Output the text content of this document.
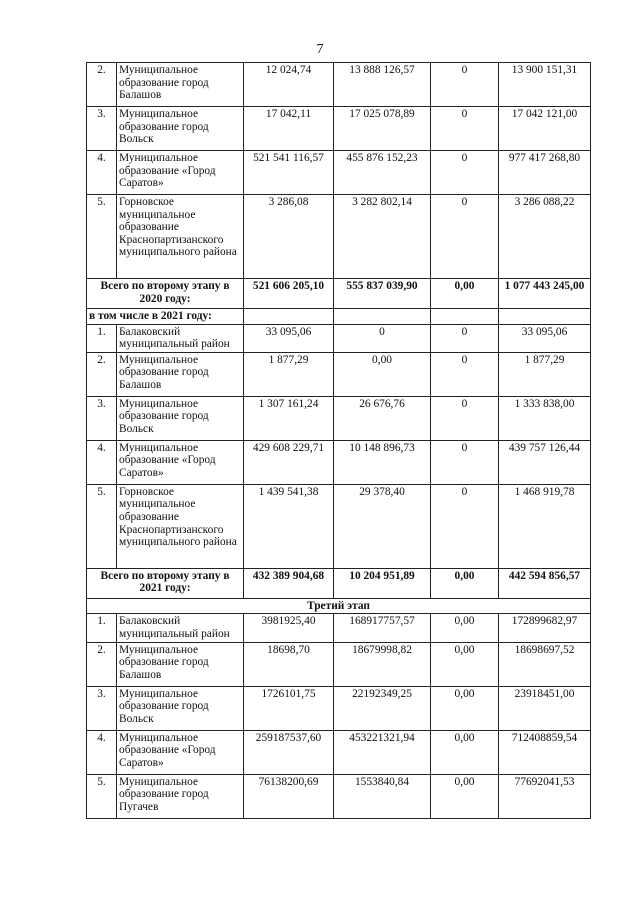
7
2.	Муниципальное образование город Балашов	12 024,74	13 888 126,57	0	13 900 151,31
3.	Муниципальное образование город Вольск	17 042,11	17 025 078,89	0	17 042 121,00
4.	Муниципальное образование «Город Саратов»	521 541 116,57	455 876 152,23	0	977 417 268,80
5.	Горновское муниципальное образование Краснопартизанского муниципального района	3 286,08	3 282 802,14	0	3 286 088,22
Всего по второму этапу в 2020 году:		521 606 205,10	555 837 039,90	0,00	1 077 443 245,00
в том числе в 2021 году:					
1.	Балаковский муниципальный район	33 095,06	0	0	33 095,06
2.	Муниципальное образование город Балашов	1 877,29	0,00	0	1 877,29
3.	Муниципальное образование город Вольск	1 307 161,24	26 676,76	0	1 333 838,00
4.	Муниципальное образование «Город Саратов»	429 608 229,71	10 148 896,73	0	439 757 126,44
5.	Горновское муниципальное образование Краснопартизанского муниципального района	1 439 541,38	29 378,40	0	1 468 919,78
Всего по второму этапу в 2021 году:		432 389 904,68	10 204 951,89	0,00	442 594 856,57
Третий этап					
1.	Балаковский муниципальный район	3981925,40	168917757,57	0,00	172899682,97
2.	Муниципальное образование город Балашов	18698,70	18679998,82	0,00	18698697,52
3.	Муниципальное образование город Вольск	1726101,75	22192349,25	0,00	23918451,00
4.	Муниципальное образование «Город Саратов»	259187537,60	453221321,94	0,00	712408859,54
5.	Муниципальное образование город Пугачев	76138200,69	1553840,84	0,00	77692041,53
